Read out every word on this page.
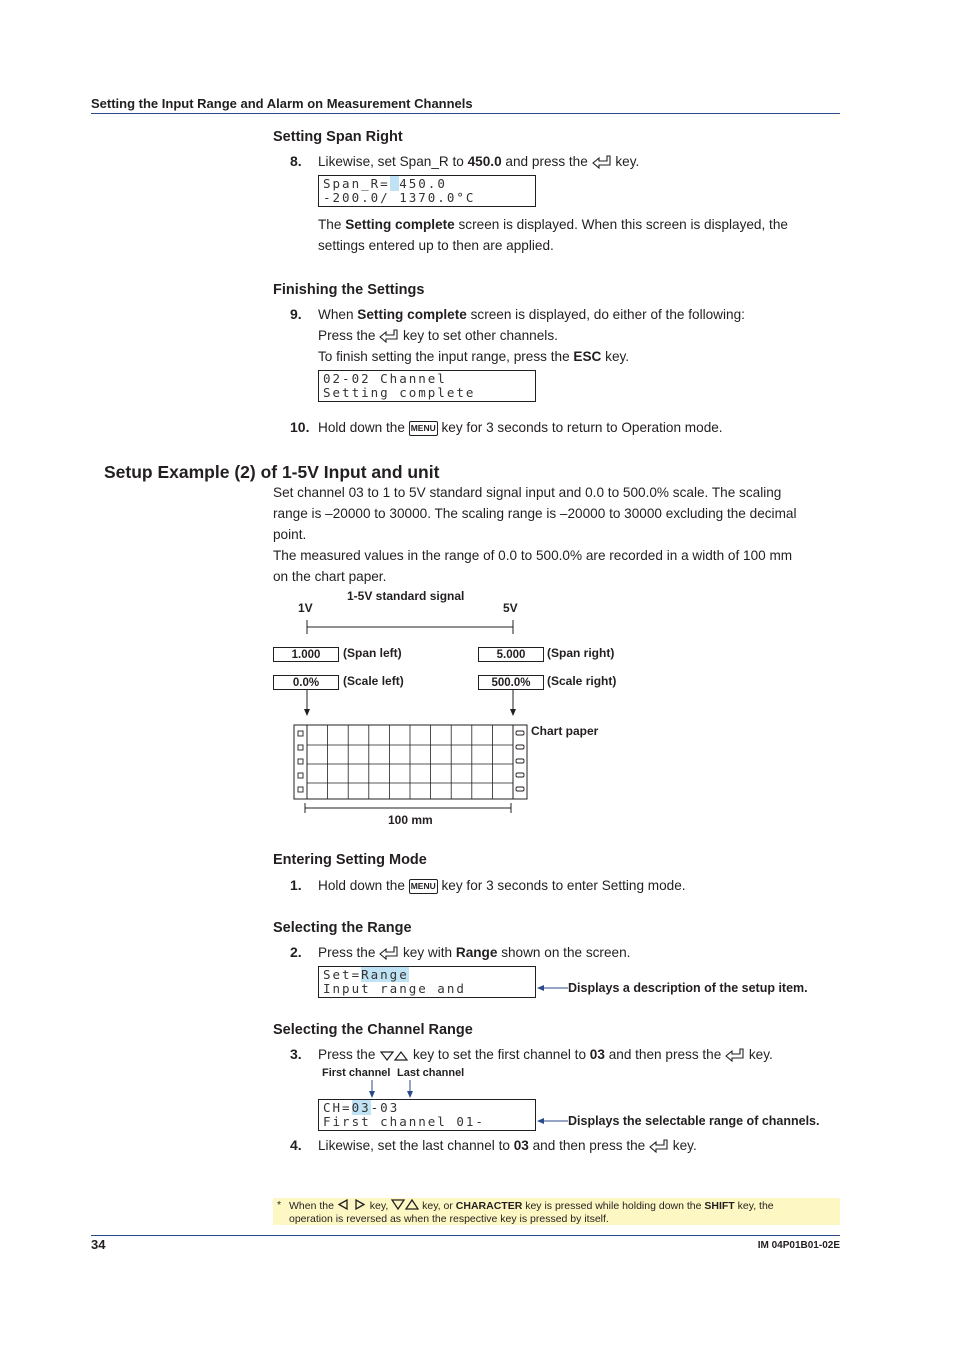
Setting the Input Range and Alarm on Measurement Channels
Setting Span Right
8. Likewise, set Span_R to 450.0 and press the key.
Span_R= 450.0
-200.0/ 1370.0°C
The Setting complete screen is displayed. When this screen is displayed, the
settings entered up to then are applied.
Finishing the Settings
9. When Setting complete screen is displayed, do either of the following:
Press the key to set other channels.
To finish setting the input range, press the ESC key.
02-02 Channel
Setting complete
10. Hold down the MENU key for 3 seconds to return to Operation mode.
Setup Example (2) of 1-5V Input and unit
Set channel 03 to 1 to 5V standard signal input and 0.0 to 500.0% scale. The scaling
range is –20000 to 30000. The scaling range is –20000 to 30000 excluding the decimal
point.
The measured values in the range of 0.0 to 500.0% are recorded in a width of 100 mm
on the chart paper.
1-5V standard signal
1V	5V
1.000	(Span left)	5.000	(Span right)
0.0%	(Scale left)	500.0%	(Scale right)
Chart paper
100 mm
Entering Setting Mode
1. Hold down the MENU key for 3 seconds to enter Setting mode.
Selecting the Range
2. Press the key with Range shown on the screen.
Set=Range
Input range and	Displays a description of the setup item.
Selecting the Channel Range
3. Press the	key to set the first channel to 03 and then press the key.
First channel Last channel
CH=03-03
First channel 01-	Displays the selectable range of channels.
4. Likewise, set the last channel to 03 and then press the key.
* When the	key,	key, or CHARACTER key is pressed while holding down the SHIFT key, the
operation is reversed as when the respective key is pressed by itself.
34	IM 04P01B01-02E
